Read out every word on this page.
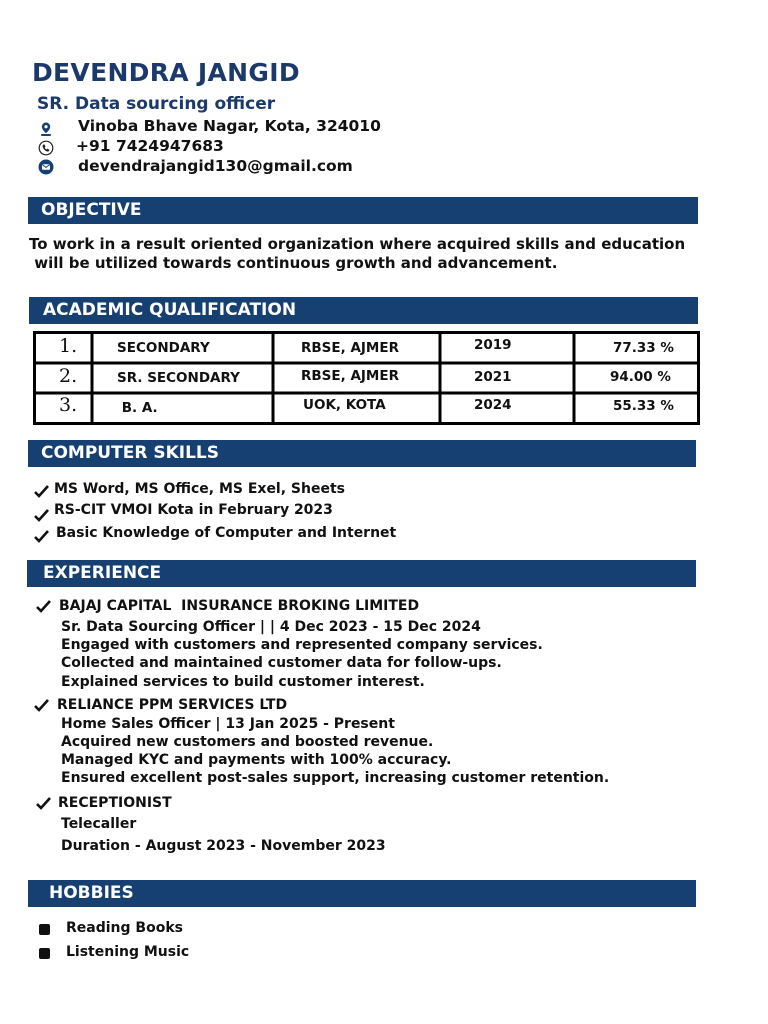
DEVENDRA JANGID
SR. Data sourcing officer
Vinoba Bhave Nagar, Kota, 324010
+91 7424947683
devendrajangid130@gmail.com
OBJECTIVE
To work in a result oriented organization where acquired skills and education
will be utilized towards continuous growth and advancement.
ACADEMIC QUALIFICATION
1.	SECONDARY	RBSE, AJMER	2019	77.33 %
2.	SR. SECONDARY	RBSE, AJMER	2021	94.00 %
3.	B. A.	UOK, KOTA	2024	55.33 %
COMPUTER SKILLS
MS Word, MS Office, MS Exel, Sheets
RS-CIT VMOI Kota in February 2023
Basic Knowledge of Computer and Internet
EXPERIENCE
BAJAJ CAPITAL  INSURANCE BROKING LIMITED
Sr. Data Sourcing Officer | | 4 Dec 2023 - 15 Dec 2024
Engaged with customers and represented company services.
Collected and maintained customer data for follow-ups.
Explained services to build customer interest.
RELIANCE PPM SERVICES LTD
Home Sales Officer | 13 Jan 2025 - Present
Acquired new customers and boosted revenue.
Managed KYC and payments with 100% accuracy.
Ensured excellent post-sales support, increasing customer retention.
RECEPTIONIST
Telecaller
Duration - August 2023 - November 2023
HOBBIES
Reading Books
Listening Music
